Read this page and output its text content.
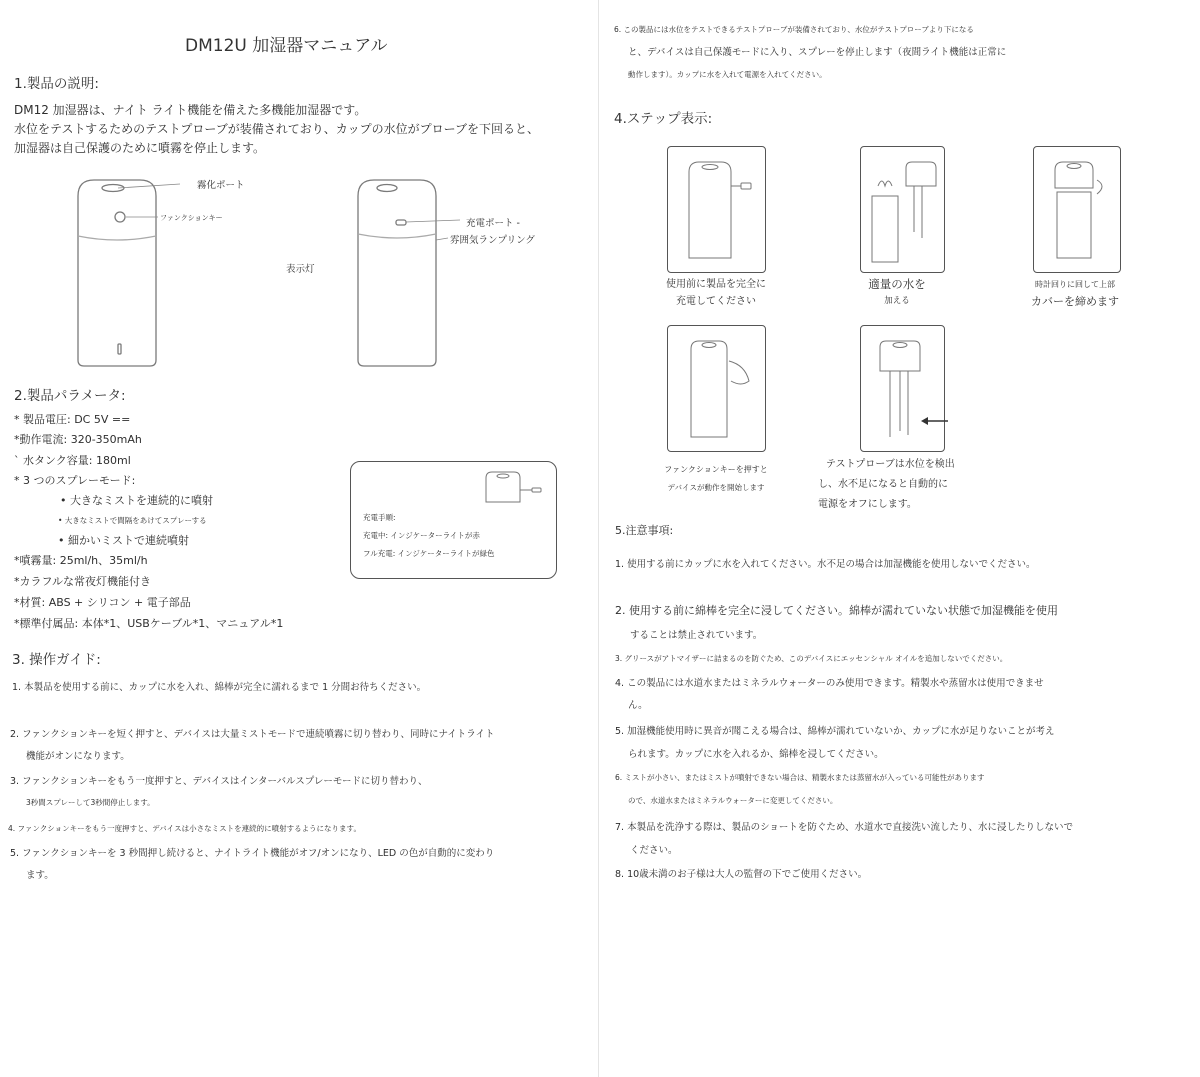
DM12U 加湿器マニュアル
1.製品の説明:
DM12 加湿器は、ナイト ライト機能を備えた多機能加湿器です。
水位をテストするためのテストプローブが装備されており、カップの水位がプローブを下回ると、
加湿器は自己保護のために噴霧を停止します。
霧化ポート
ファンクションキー	充電ポート -
雰囲気ランプリング
表示灯
2.製品パラメータ:
* 製品電圧: DC 5V ==
*動作電流: 320-350mAh
` 水タンク容量: 180ml
* 3 つのスプレーモード:
• 大きなミストを連続的に噴射
• 大きなミストで間隔をあけてスプレーする
• 細かいミストで連続噴射
*噴霧量: 25ml/h、35ml/h
*カラフルな常夜灯機能付き
*材質: ABS + シリコン + 電子部品
*標準付属品: 本体*1、USBケーブル*1、マニュアル*1
充電手順:
充電中: インジケーターライトが赤
フル充電: インジケーターライトが緑色
3. 操作ガイド:
1. 本製品を使用する前に、カップに水を入れ、綿棒が完全に濡れるまで 1 分間お待ちください。
2. ファンクションキーを短く押すと、デバイスは大量ミストモードで連続噴霧に切り替わり、同時にナイトライト
機能がオンになります。
3. ファンクションキーをもう一度押すと、デバイスはインターバルスプレーモードに切り替わり、
3秒間スプレーして3秒間停止します。
4. ファンクションキーをもう一度押すと、デバイスは小さなミストを連続的に噴射するようになります。
5. ファンクションキーを 3 秒間押し続けると、ナイトライト機能がオフ/オンになり、LED の色が自動的に変わり
ます。
6. この製品には水位をテストできるテストプローブが装備されており、水位がテストプローブより下になる
と、デバイスは自己保護モードに入り、スプレーを停止します（夜間ライト機能は正常に
動作します）。カップに水を入れて電源を入れてください。
4.ステップ表示:
使用前に製品を完全に
充電してください
適量の水を
加える
時計回りに回して上部
カバーを締めます
ファンクションキーを押すと
デバイスが動作を開始します
テストプローブは水位を検出
し、水不足になると自動的に
電源をオフにします。
5.注意事項:
1. 使用する前にカップに水を入れてください。水不足の場合は加湿機能を使用しないでください。
2. 使用する前に綿棒を完全に浸してください。綿棒が濡れていない状態で加湿機能を使用
することは禁止されています。
3. グリースがアトマイザーに詰まるのを防ぐため、このデバイスにエッセンシャル オイルを追加しないでください。
4. この製品には水道水またはミネラルウォーターのみ使用できます。精製水や蒸留水は使用できませ
ん。
5. 加湿機能使用時に異音が聞こえる場合は、綿棒が濡れていないか、カップに水が足りないことが考え
られます。カップに水を入れるか、綿棒を浸してください。
6. ミストが小さい、またはミストが噴射できない場合は、精製水または蒸留水が入っている可能性があります
ので、水道水またはミネラルウォーターに変更してください。
7. 本製品を洗浄する際は、製品のショートを防ぐため、水道水で直接洗い流したり、水に浸したりしないで
ください。
8. 10歳未満のお子様は大人の監督の下でご使用ください。
